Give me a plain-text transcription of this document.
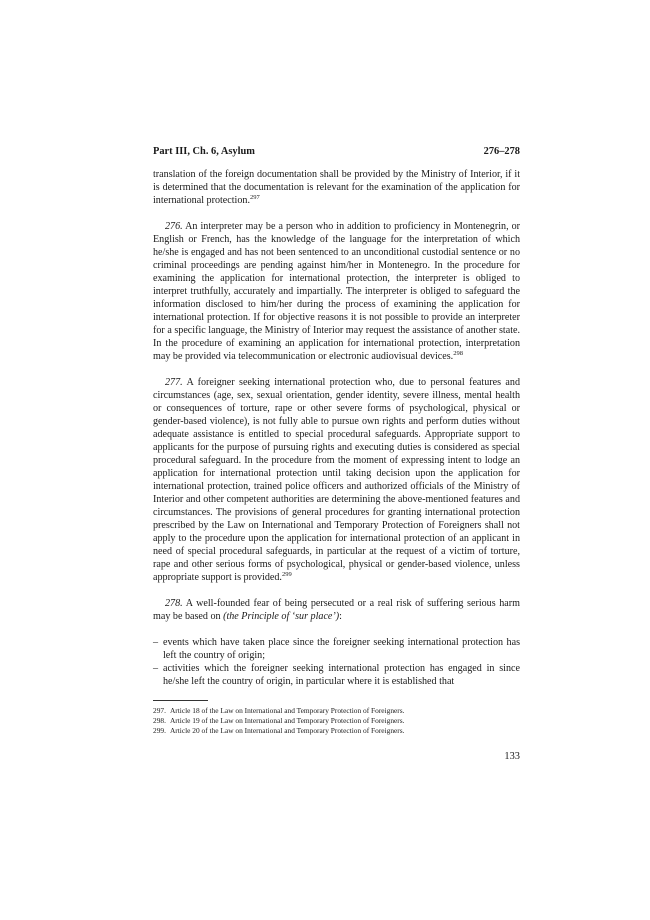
Part III, Ch. 6, Asylum	276–278

translation of the foreign documentation shall be provided by the Ministry of Interior, if it is determined that the documentation is relevant for the examination of the application for international protection.$^{297}$

276. An interpreter may be a person who in addition to proficiency in Montenegrin, or English or French, has the knowledge of the language for the interpretation of which he/she is engaged and has not been sentenced to an unconditional custodial sentence or no criminal proceedings are pending against him/her in Montenegro. In the procedure for examining the application for international protection, the interpreter is obliged to interpret truthfully, accurately and impartially. The interpreter is obliged to safeguard the information disclosed to him/her during the process of examining the application for international protection. If for objective reasons it is not possible to provide an interpreter for a specific language, the Ministry of Interior may request the assistance of another state. In the procedure of examining an application for international protection, interpretation may be provided via telecommunication or electronic audiovisual devices.$^{298}$

277. A foreigner seeking international protection who, due to personal features and circumstances (age, sex, sexual orientation, gender identity, severe illness, mental health or consequences of torture, rape or other severe forms of psychological, physical or gender-based violence), is not fully able to pursue own rights and perform duties without adequate assistance is entitled to special procedural safeguards. Appropriate support to applicants for the purpose of pursuing rights and executing duties is considered as special procedural safeguard. In the procedure from the moment of expressing intent to lodge an application for international protection until taking decision upon the application for international protection, trained police officers and authorized officials of the Ministry of Interior and other competent authorities are determining the above-mentioned features and circumstances. The provisions of general procedures for granting international protection prescribed by the Law on International and Temporary Protection of Foreigners shall not apply to the procedure upon the application for international protection of an applicant in need of special procedural safeguards, in particular at the request of a victim of torture, rape and other serious forms of psychological, physical or gender-based violence, unless appropriate support is provided.$^{299}$

278. A well-founded fear of being persecuted or a real risk of suffering serious harm may be based on (the Principle of ‘sur place’):

– events which have taken place since the foreigner seeking international protection has left the country of origin;
– activities which the foreigner seeking international protection has engaged in since he/she left the country of origin, in particular where it is established that
297. Article 18 of the Law on International and Temporary Protection of Foreigners.
298. Article 19 of the Law on International and Temporary Protection of Foreigners.
299. Article 20 of the Law on International and Temporary Protection of Foreigners.
133
